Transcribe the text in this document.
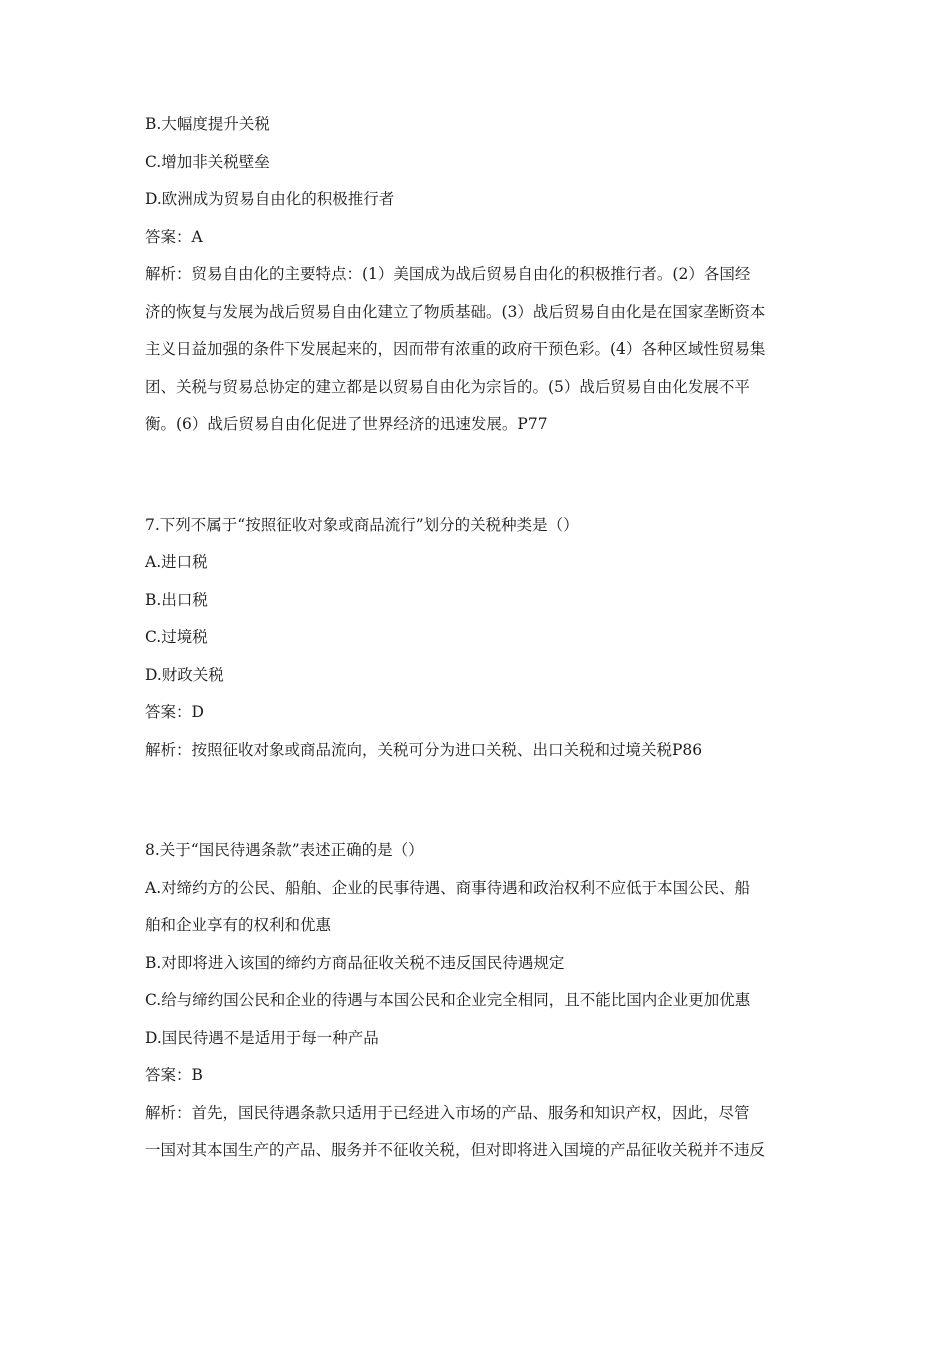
B.大幅度提升关税

C.增加非关税壁垒

D.欧洲成为贸易自由化的积极推行者

答案：A

解析：贸易自由化的主要特点：(1）美国成为战后贸易自由化的积极推行者。(2）各国经

济的恢复与发展为战后贸易自由化建立了物质基础。(3）战后贸易自由化是在国家垄断资本

主义日益加强的条件下发展起来的，因而带有浓重的政府干预色彩。(4）各种区域性贸易集

团、关税与贸易总协定的建立都是以贸易自由化为宗旨的。(5）战后贸易自由化发展不平

衡。(6）战后贸易自由化促进了世界经济的迅速发展。P77

7.下列不属于“按照征收对象或商品流行”划分的关税种类是（）

A.进口税

B.出口税

C.过境税

D.财政关税

答案：D

解析：按照征收对象或商品流向，关税可分为进口关税、出口关税和过境关税P86

8.关于“国民待遇条款”表述正确的是（）

A.对缔约方的公民、船舶、企业的民事待遇、商事待遇和政治权利不应低于本国公民、船

舶和企业享有的权利和优惠

B.对即将进入该国的缔约方商品征收关税不违反国民待遇规定

C.给与缔约国公民和企业的待遇与本国公民和企业完全相同，且不能比国内企业更加优惠

D.国民待遇不是适用于每一种产品

答案：B

解析：首先，国民待遇条款只适用于已经进入市场的产品、服务和知识产权，因此，尽管

一国对其本国生产的产品、服务并不征收关税，但对即将进入国境的产品征收关税并不违反
